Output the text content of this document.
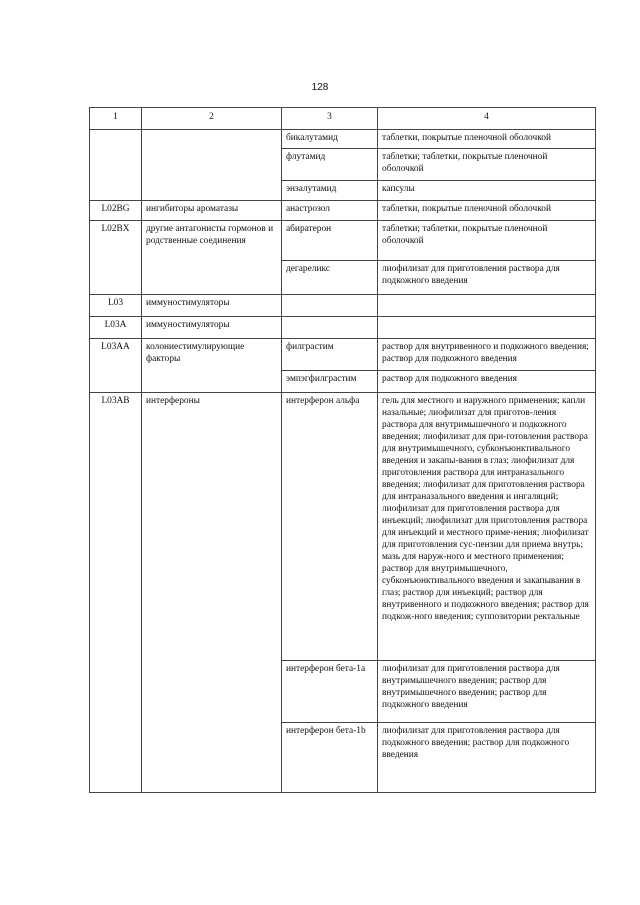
128
1	2	3	4
		бикалутамид	таблетки, покрытые пленочной оболочкой
		флутамид	таблетки; таблетки, покрытые пленочной оболочкой
		энзалутамид	капсулы
L02BG	ингибиторы ароматазы	анастрозол	таблетки, покрытые пленочной оболочкой
L02BX	другие антагонисты гормонов и родственные соединения	абиратерон	таблетки; таблетки, покрытые пленочной оболочкой
		дегареликс	лиофилизат для приготовления раствора для подкожного введения
L03	иммуностимуляторы		
L03A	иммуностимуляторы		
L03AA	колониестимулирующие факторы	филграстим	раствор для внутривенного и подкожного введения; раствор для подкожного введения
		эмпэгфилграстим	раствор для подкожного введения
L03AB	интерфероны	интерферон альфа	гель для местного и наружного применения; капли назальные; лиофилизат для приготов-ления раствора для внутримышечного и подкожного введения; лиофилизат для при-готовления раствора для внутримышечного, субконъюнктивального введения и закапы-вания в глаз; лиофилизат для приготовления раствора для интраназального введения; лиофилизат для приготовления раствора для интраназального введения и ингаляций; лиофилизат для приготовления раствора для инъекций; лиофилизат для приготовления раствора для инъекций и местного приме-нения; лиофилизат для приготовления сус-пензии для приема внутрь; мазь для наруж-ного и местного применения; раствор для внутримышечного, субконъюнктивального введения и закапывания в глаз; раствор для инъекций; раствор для внутривенного и подкожного введения; раствор для подкож-ного введения; суппозитории ректальные
		интерферон бета-1a	лиофилизат для приготовления раствора для внутримышечного введения; раствор для внутримышечного введения; раствор для подкожного введения
		интерферон бета-1b	лиофилизат для приготовления раствора для подкожного введения; раствор для подкожного введения
